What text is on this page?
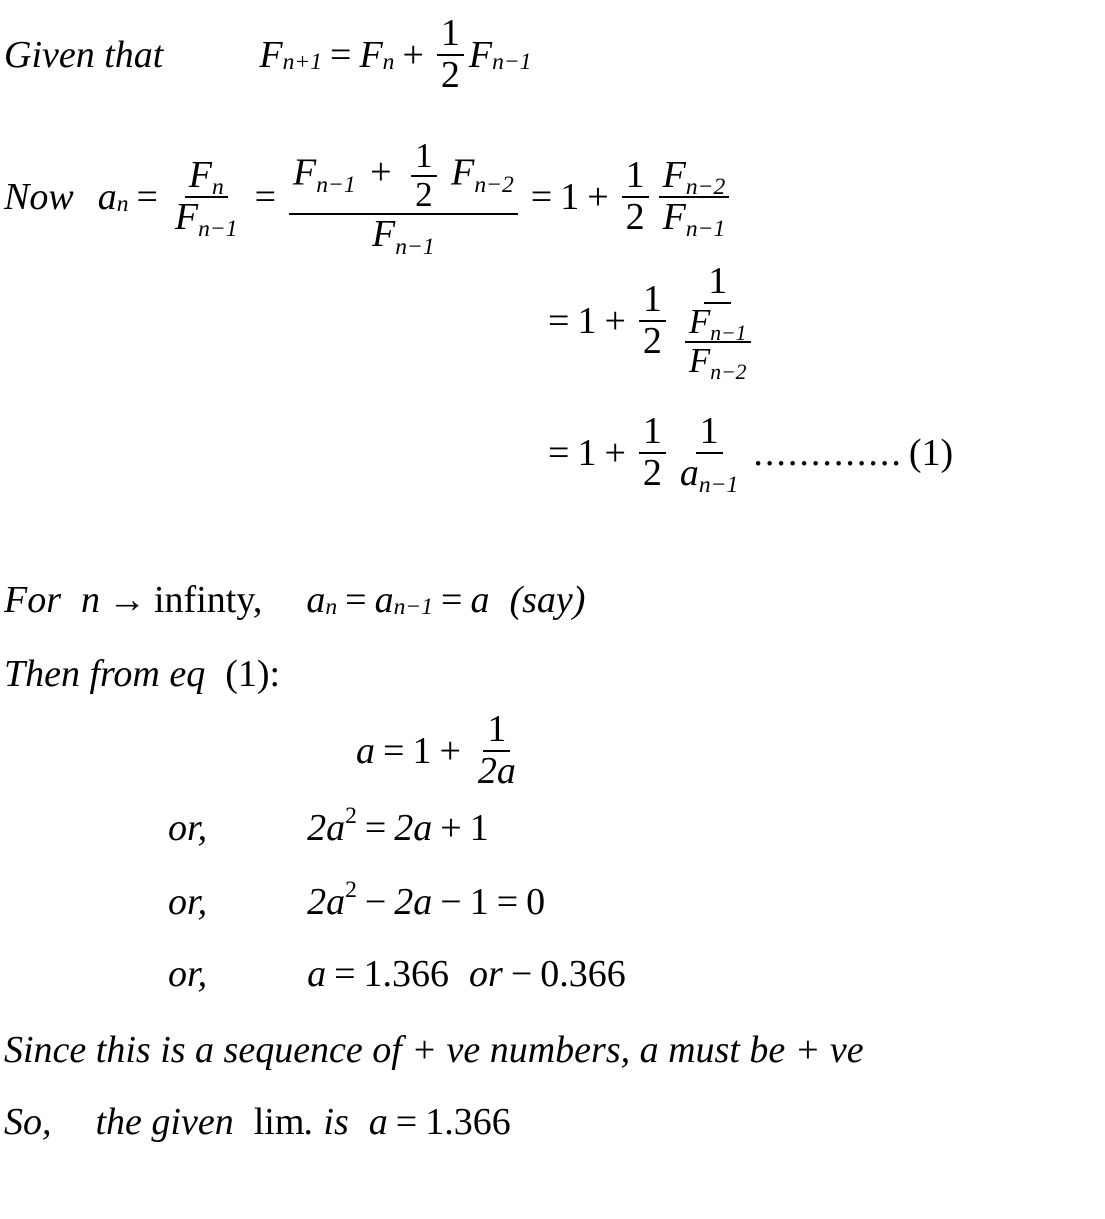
Given that	F n+1 = F $n + \frac{1}{2}$ F n−1
Now a $n = \frac{Fn}{Fn-1}$ =
$Fn-1 + \frac{1}{2} Fn-2$
Fn−1
= $1 + \frac{1}{2} \frac{Fn-2}{Fn-1}$
= $1 + \frac{1}{2} \frac{1}{\frac{Fn-1}{Fn-2}}$
= $1 + \frac{1}{2} \frac{1}{an-1}$ ............. (1)
For n → infinty, a n = a n−1 = a ( say )
Then from eq (1):
$a = 1 + \frac{1}{2a}$
or,	2a 2 = 2a + 1
or,	2a 2 − 2a − 1 = 0
or,	a = 1.366 or − 0.366
Since this is a sequence of + ve numbers, a must be + ve
So, the given lim . is a = 1.366
